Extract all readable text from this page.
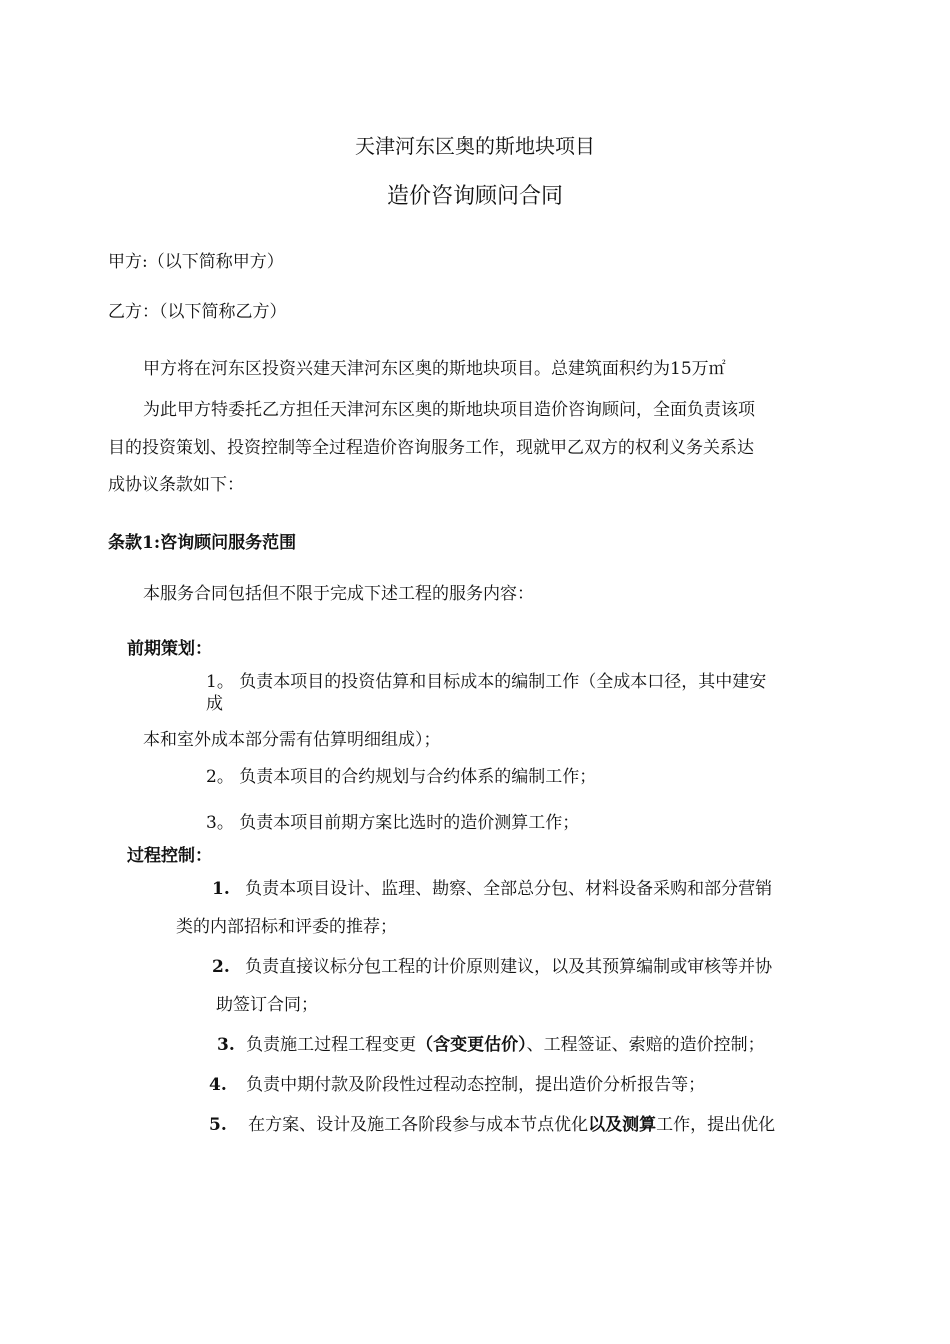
天津河东区奥的斯地块项目
造价咨询顾问合同
甲方:（以下简称甲方）
乙方：（以下简称乙方）
甲方将在河东区投资兴建天津河东区奥的斯地块项目。总建筑面积约为15万㎡
为此甲方特委托乙方担任天津河东区奥的斯地块项目造价咨询顾问，全面负责该项
目的投资策划、投资控制等全过程造价咨询服务工作，现就甲乙双方的权利义务关系达
成协议条款如下：
条款1:咨询顾问服务范围
本服务合同包括但不限于完成下述工程的服务内容：
前期策划：
1。 负责本项目的投资估算和目标成本的编制工作（全成本口径，其中建安
成
本和室外成本部分需有估算明细组成）；
2。 负责本项目的合约规划与合约体系的编制工作；
3。 负责本项目前期方案比选时的造价测算工作；
过程控制：
1. 负责本项目设计、监理、勘察、全部总分包、材料设备采购和部分营销
类的内部招标和评委的推荐；
2. 负责直接议标分包工程的计价原则建议，以及其预算编制或审核等并协
助签订合同；
3. 负责施工过程工程变更（含变更估价）、工程签证、索赔的造价控制；
4. 负责中期付款及阶段性过程动态控制，提出造价分析报告等；
5. 在方案、设计及施工各阶段参与成本节点优化以及测算工作，提出优化
